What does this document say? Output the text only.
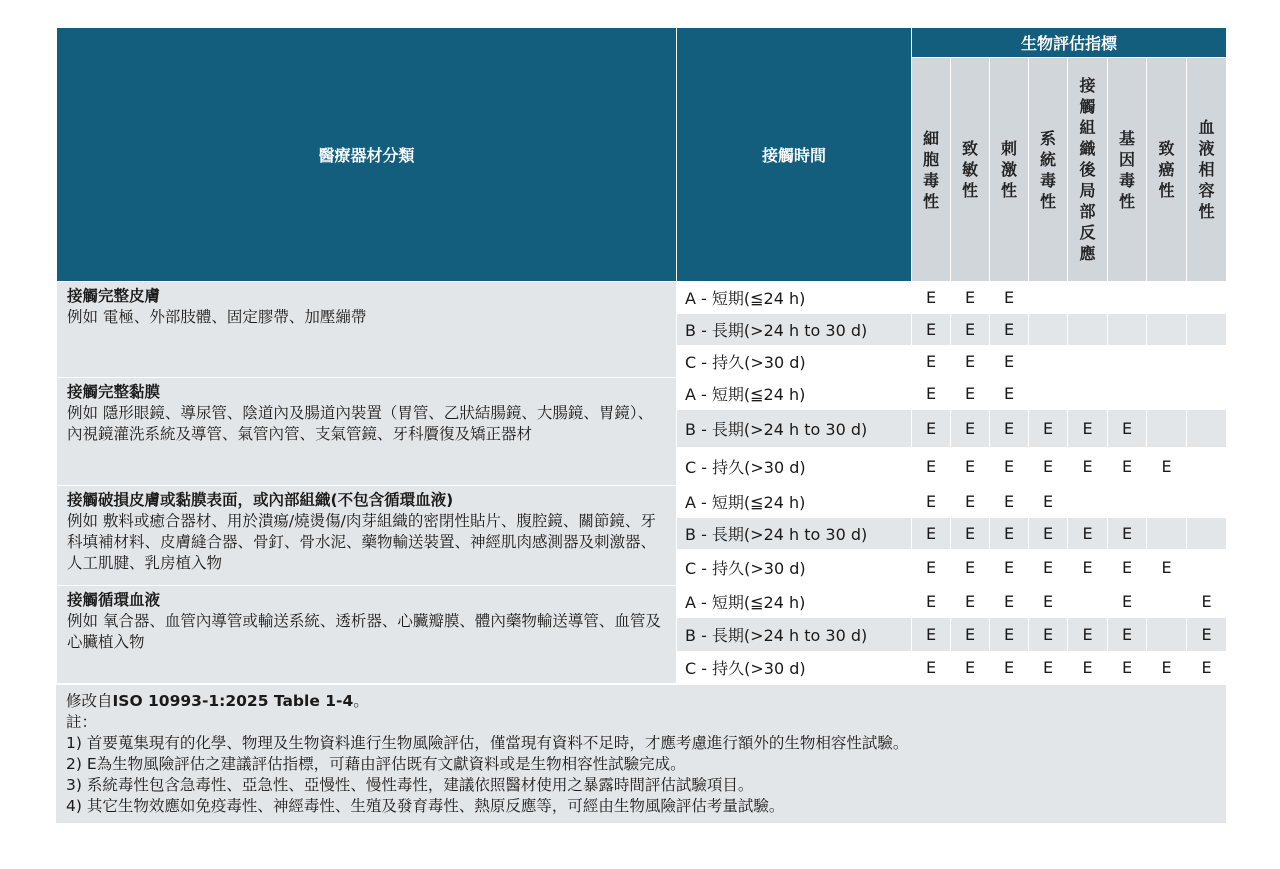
醫療器材分類	接觸時間	生物評估指標							
		細胞毒性	致敏性	刺激性	系統毒性	接觸組織後局部反應	基因毒性	致癌性	血液相容性

接觸完整皮膚
例如 電極、外部肢體、固定膠帶、加壓繃帶	A - 短期(≦24 h)	E	E	E					
	B - 長期(>24 h to 30 d)	E	E	E					
	C - 持久(>30 d)	E	E	E					

接觸完整黏膜
例如 隱形眼鏡、導尿管、陰道內及腸道內裝置（胃管、乙狀結腸鏡、大腸鏡、胃鏡）、內視鏡灌洗系統及導管、氣管內管、支氣管鏡、牙科贗復及矯正器材	A - 短期(≦24 h)	E	E	E					
	B - 長期(>24 h to 30 d)	E	E	E	E	E	E		
	C - 持久(>30 d)	E	E	E	E	E	E	E	

接觸破損皮膚或黏膜表面，或內部組織(不包含循環血液)
例如 敷料或癒合器材、用於潰瘍/燒燙傷/肉芽組織的密閉性貼片、腹腔鏡、關節鏡、牙科填補材料、皮膚縫合器、骨釘、骨水泥、藥物輸送裝置、神經肌肉感測器及刺激器、人工肌腱、乳房植入物	A - 短期(≦24 h)	E	E	E	E				
	B - 長期(>24 h to 30 d)	E	E	E	E	E	E		
	C - 持久(>30 d)	E	E	E	E	E	E	E	

接觸循環血液
例如 氧合器、血管內導管或輸送系統、透析器、心臟瓣膜、體內藥物輸送導管、血管及心臟植入物	A - 短期(≦24 h)	E	E	E	E		E		E
	B - 長期(>24 h to 30 d)	E	E	E	E	E	E		E
	C - 持久(>30 d)	E	E	E	E	E	E	E	E
修改自ISO 10993-1:2025 Table 1-4。
註：
1) 首要蒐集現有的化學、物理及生物資料進行生物風險評估，僅當現有資料不足時，才應考慮進行額外的生物相容性試驗。
2) E為生物風險評估之建議評估指標，可藉由評估既有文獻資料或是生物相容性試驗完成。
3) 系統毒性包含急毒性、亞急性、亞慢性、慢性毒性，建議依照醫材使用之暴露時間評估試驗項目。
4) 其它生物效應如免疫毒性、神經毒性、生殖及發育毒性、熱原反應等，可經由生物風險評估考量試驗。
